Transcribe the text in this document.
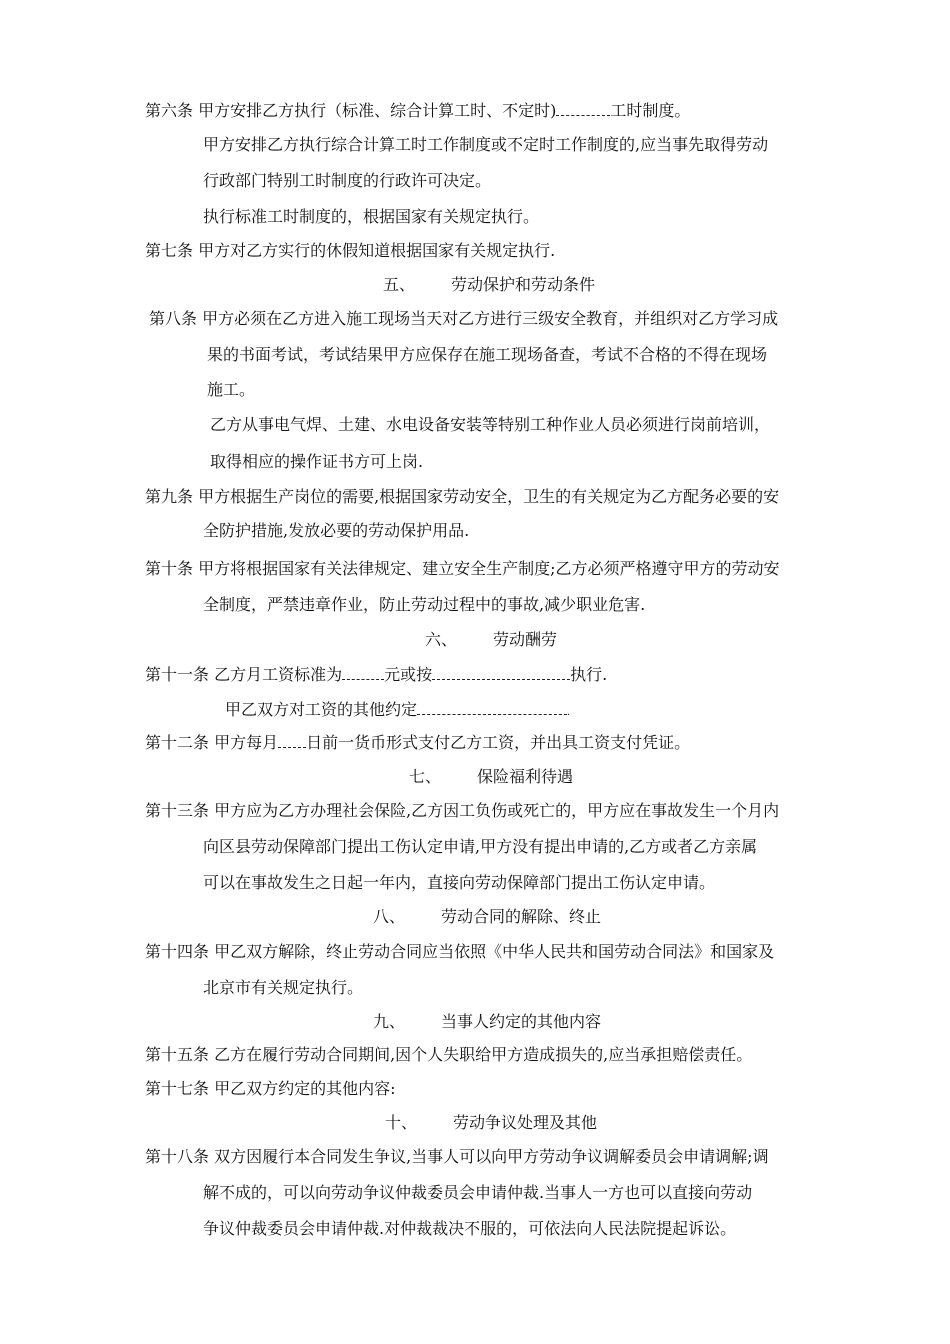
第六条 甲方安排乙方执行（标准、综合计算工时、不定时)	工时制度。
甲方安排乙方执行综合计算工时工作制度或不定时工作制度的,应当事先取得劳动
行政部门特别工时制度的行政许可决定。
执行标准工时制度的，根据国家有关规定执行。
第七条 甲方对乙方实行的休假知道根据国家有关规定执行.
五、 劳动保护和劳动条件
第八条 甲方必须在乙方进入施工现场当天对乙方进行三级安全教育，并组织对乙方学习成
果的书面考试，考试结果甲方应保存在施工现场备查，考试不合格的不得在现场
施工。
乙方从事电气焊、土建、水电设备安装等特别工种作业人员必须进行岗前培训，
取得相应的操作证书方可上岗.
第九条 甲方根据生产岗位的需要,根据国家劳动安全，卫生的有关规定为乙方配务必要的安
全防护措施,发放必要的劳动保护用品.
第十条 甲方将根据国家有关法律规定、建立安全生产制度;乙方必须严格遵守甲方的劳动安
全制度，严禁违章作业，防止劳动过程中的事故,减少职业危害.
六、 劳动酬劳
第十一条 乙方月工资标准为	元或按	执行.
甲乙双方对工资的其他约定	.
第十二条 甲方每月 日前一货币形式支付乙方工资，并出具工资支付凭证。
七、 保险福利待遇
第十三条 甲方应为乙方办理社会保险,乙方因工负伤或死亡的，甲方应在事故发生一个月内
向区县劳动保障部门提出工伤认定申请,甲方没有提出申请的,乙方或者乙方亲属
可以在事故发生之日起一年内，直接向劳动保障部门提出工伤认定申请。
八、 劳动合同的解除、终止
第十四条 甲乙双方解除，终止劳动合同应当依照《中华人民共和国劳动合同法》和国家及
北京市有关规定执行。
九、 当事人约定的其他内容
第十五条 乙方在履行劳动合同期间,因个人失职给甲方造成损失的,应当承担赔偿责任。
第十七条 甲乙双方约定的其他内容:
十、 劳动争议处理及其他
第十八条 双方因履行本合同发生争议,当事人可以向甲方劳动争议调解委员会申请调解;调
解不成的，可以向劳动争议仲裁委员会申请仲裁.当事人一方也可以直接向劳动
争议仲裁委员会申请仲裁.对仲裁裁决不服的，可依法向人民法院提起诉讼。
